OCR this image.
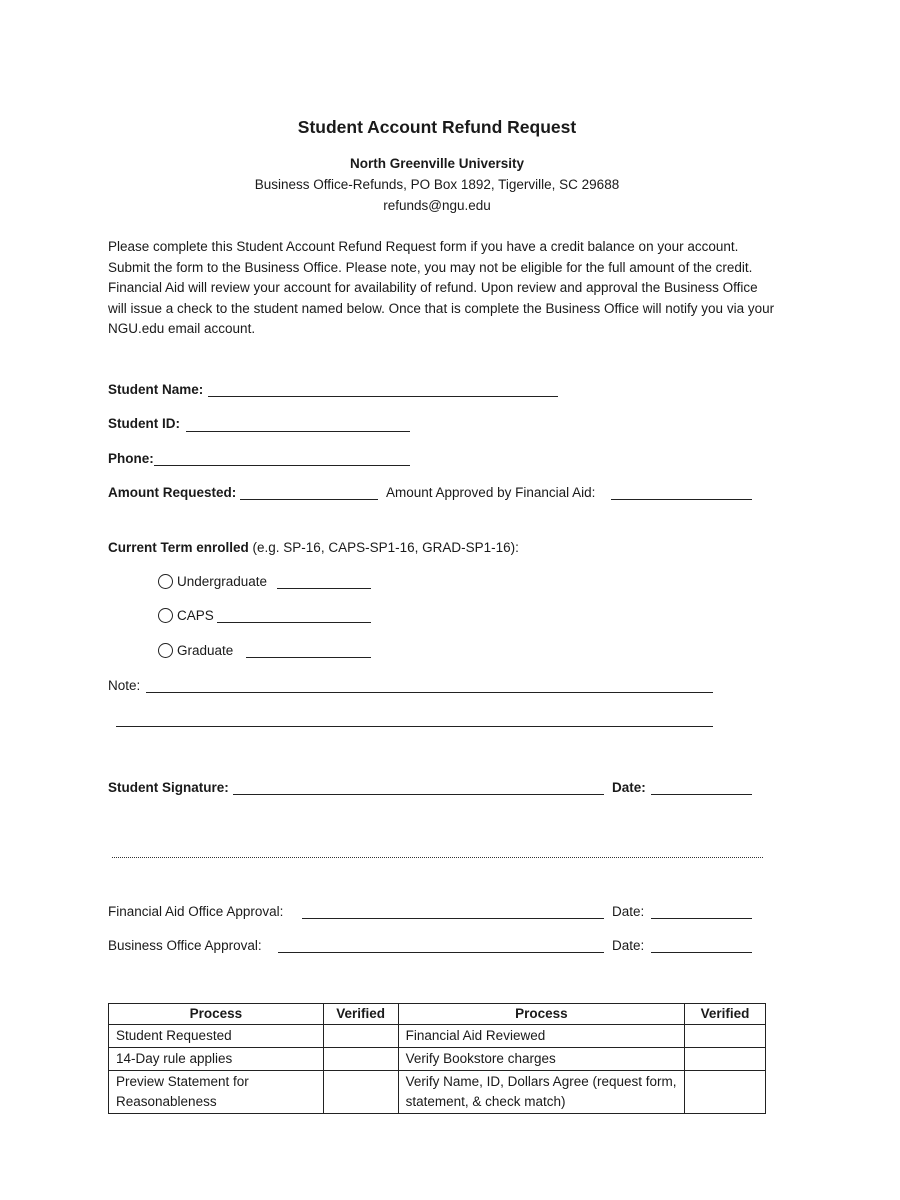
Student Account Refund Request
North Greenville University
Business Office-Refunds, PO Box 1892, Tigerville, SC 29688
refunds@ngu.edu
Please complete this Student Account Refund Request form if you have a credit balance on your account. Submit the form to the Business Office. Please note, you may not be eligible for the full amount of the credit. Financial Aid will review your account for availability of refund. Upon review and approval the Business Office will issue a check to the student named below. Once that is complete the Business Office will notify you via your NGU.edu email account.
Student Name:
Student ID:
Phone:
Amount Requested:	Amount Approved by Financial Aid:
Current Term enrolled (e.g. SP-16, CAPS-SP1-16, GRAD-SP1-16):
Undergraduate
CAPS
Graduate
Note:
Student Signature:	Date:
Financial Aid Office Approval:	Date:
Business Office Approval:	Date:
Process	Verified	Process	Verified
Student Requested		Financial Aid Reviewed	
14-Day rule applies		Verify Bookstore charges	
Preview Statement for Reasonableness		Verify Name, ID, Dollars Agree (request form, statement, & check match)	
